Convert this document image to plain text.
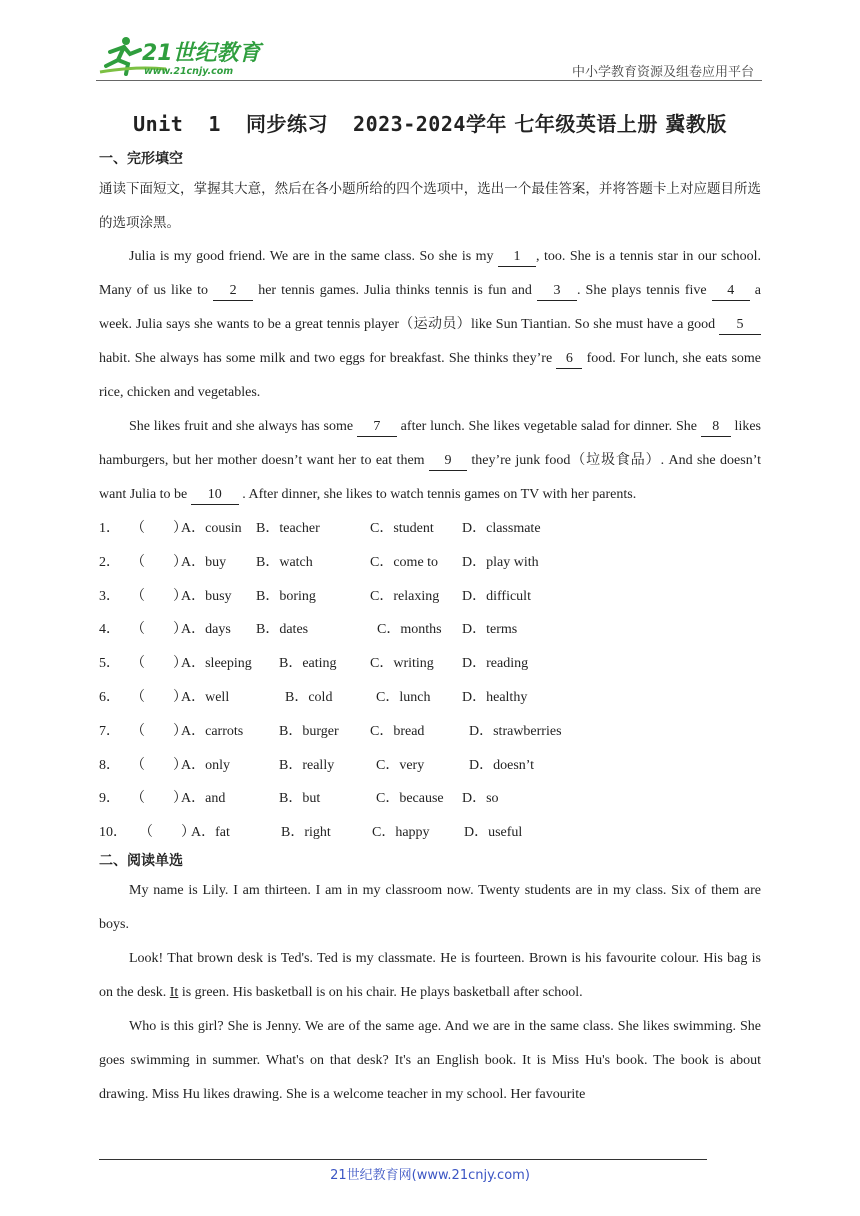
21世纪教育
www.21cnjy.com	中小学教育资源及组卷应用平台
Unit  1  同步练习  2023-2024学年 七年级英语上册 冀教版
一、完形填空

通读下面短文，掌握其大意，然后在各小题所给的四个选项中，选出一个最佳答案，并将答题卡上对应题目所选的选项涂黑。

Julia is my good friend. We are in the same class. So she is my 1 , too. She is a tennis star in our school. Many of us like to 2 her tennis games. Julia thinks tennis is fun and 3 . She plays tennis five 4 a week. Julia says she wants to be a great tennis player（运动员）like Sun Tiantian. So she must have a good 5 habit. She always has some milk and two eggs for breakfast. She thinks they’re 6 food. For lunch, she eats some rice, chicken and vegetables.

She likes fruit and she always has some 7 after lunch. She likes vegetable salad for dinner. She 8 likes hamburgers, but her mother doesn’t want her to eat them 9 they’re junk food（垃圾食品）. And she doesn’t want Julia to be 10 . After dinner, she likes to watch tennis games on TV with her parents.

1． （　　）
A．cousin	B．teacher	C．student	D．classmate
2． （　　）
A．buy	B．watch	C．come to	D．play with
3． （　　）
A．busy	B．boring	C．relaxing	D．difficult
4． （　　）
A．days	B．dates	C．months	D．terms
5． （　　）
A．sleeping	B．eating	C．writing	D．reading
6． （　　）
A．well	B．cold	C．lunch	D．healthy
7． （　　）
A．carrots	B．burger	C．bread	D．strawberries
8． （　　）
A．only	B．really	C．very	D．doesn’t
9． （　　）
A．and	B．but	C．because	D．so
10． （　　）
A．fat	B．right	C．happy	D．useful
二、阅读单选

My name is Lily. I am thirteen. I am in my classroom now. Twenty students are in my class. Six of them are boys.

Look! That brown desk is Ted's. Ted is my classmate. He is fourteen. Brown is his favourite colour. His bag is on the desk. It is green. His basketball is on his chair. He plays basketball after school.

Who is this girl? She is Jenny. We are of the same age. And we are in the same class. She likes swimming. She goes swimming in summer. What's on that desk? It's an English book. It is Miss Hu's book. The book is about drawing. Miss Hu likes drawing. She is a welcome teacher in my school. Her favourite

21世纪教育网(www.21cnjy.com)
